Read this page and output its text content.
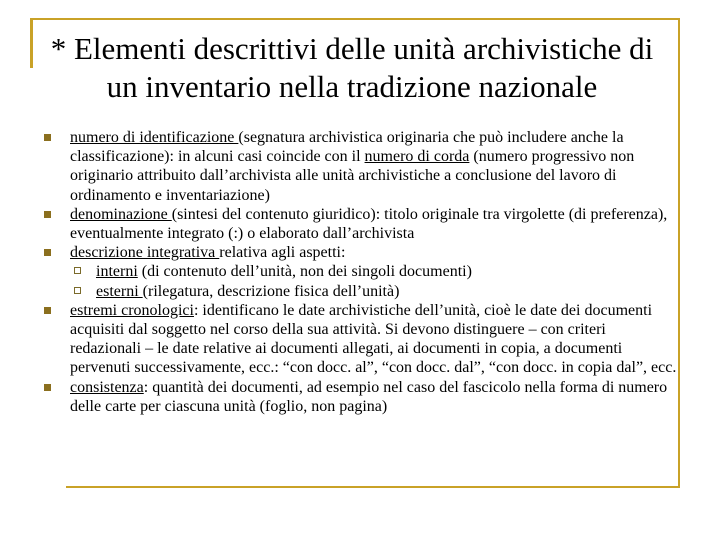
* Elementi descrittivi delle unità archivistiche di
un inventario nella tradizione nazionale
numero di identificazione (segnatura archivistica originaria che può includere anche la classificazione): in alcuni casi coincide con il numero di corda (numero progressivo non originario attribuito dall’archivista alle unità archivistiche a conclusione del lavoro di ordinamento e inventariazione)
denominazione (sintesi del contenuto giuridico): titolo originale tra virgolette (di preferenza), eventualmente integrato (:) o elaborato dall’archivista
descrizione integrativa relativa agli aspetti:
interni (di contenuto dell’unità, non dei singoli documenti)
esterni (rilegatura, descrizione fisica dell’unità)
estremi cronologici: identificano le date archivistiche dell’unità, cioè le date dei documenti acquisiti dal soggetto nel corso della sua attività. Si devono distinguere – con criteri redazionali – le date relative ai documenti allegati, ai documenti in copia, a documenti pervenuti successivamente, ecc.: “con docc. al”, “con docc. dal”, “con docc. in copia dal”, ecc.
consistenza: quantità dei documenti, ad esempio nel caso del fascicolo nella forma di numero delle carte per ciascuna unità (foglio, non pagina)
